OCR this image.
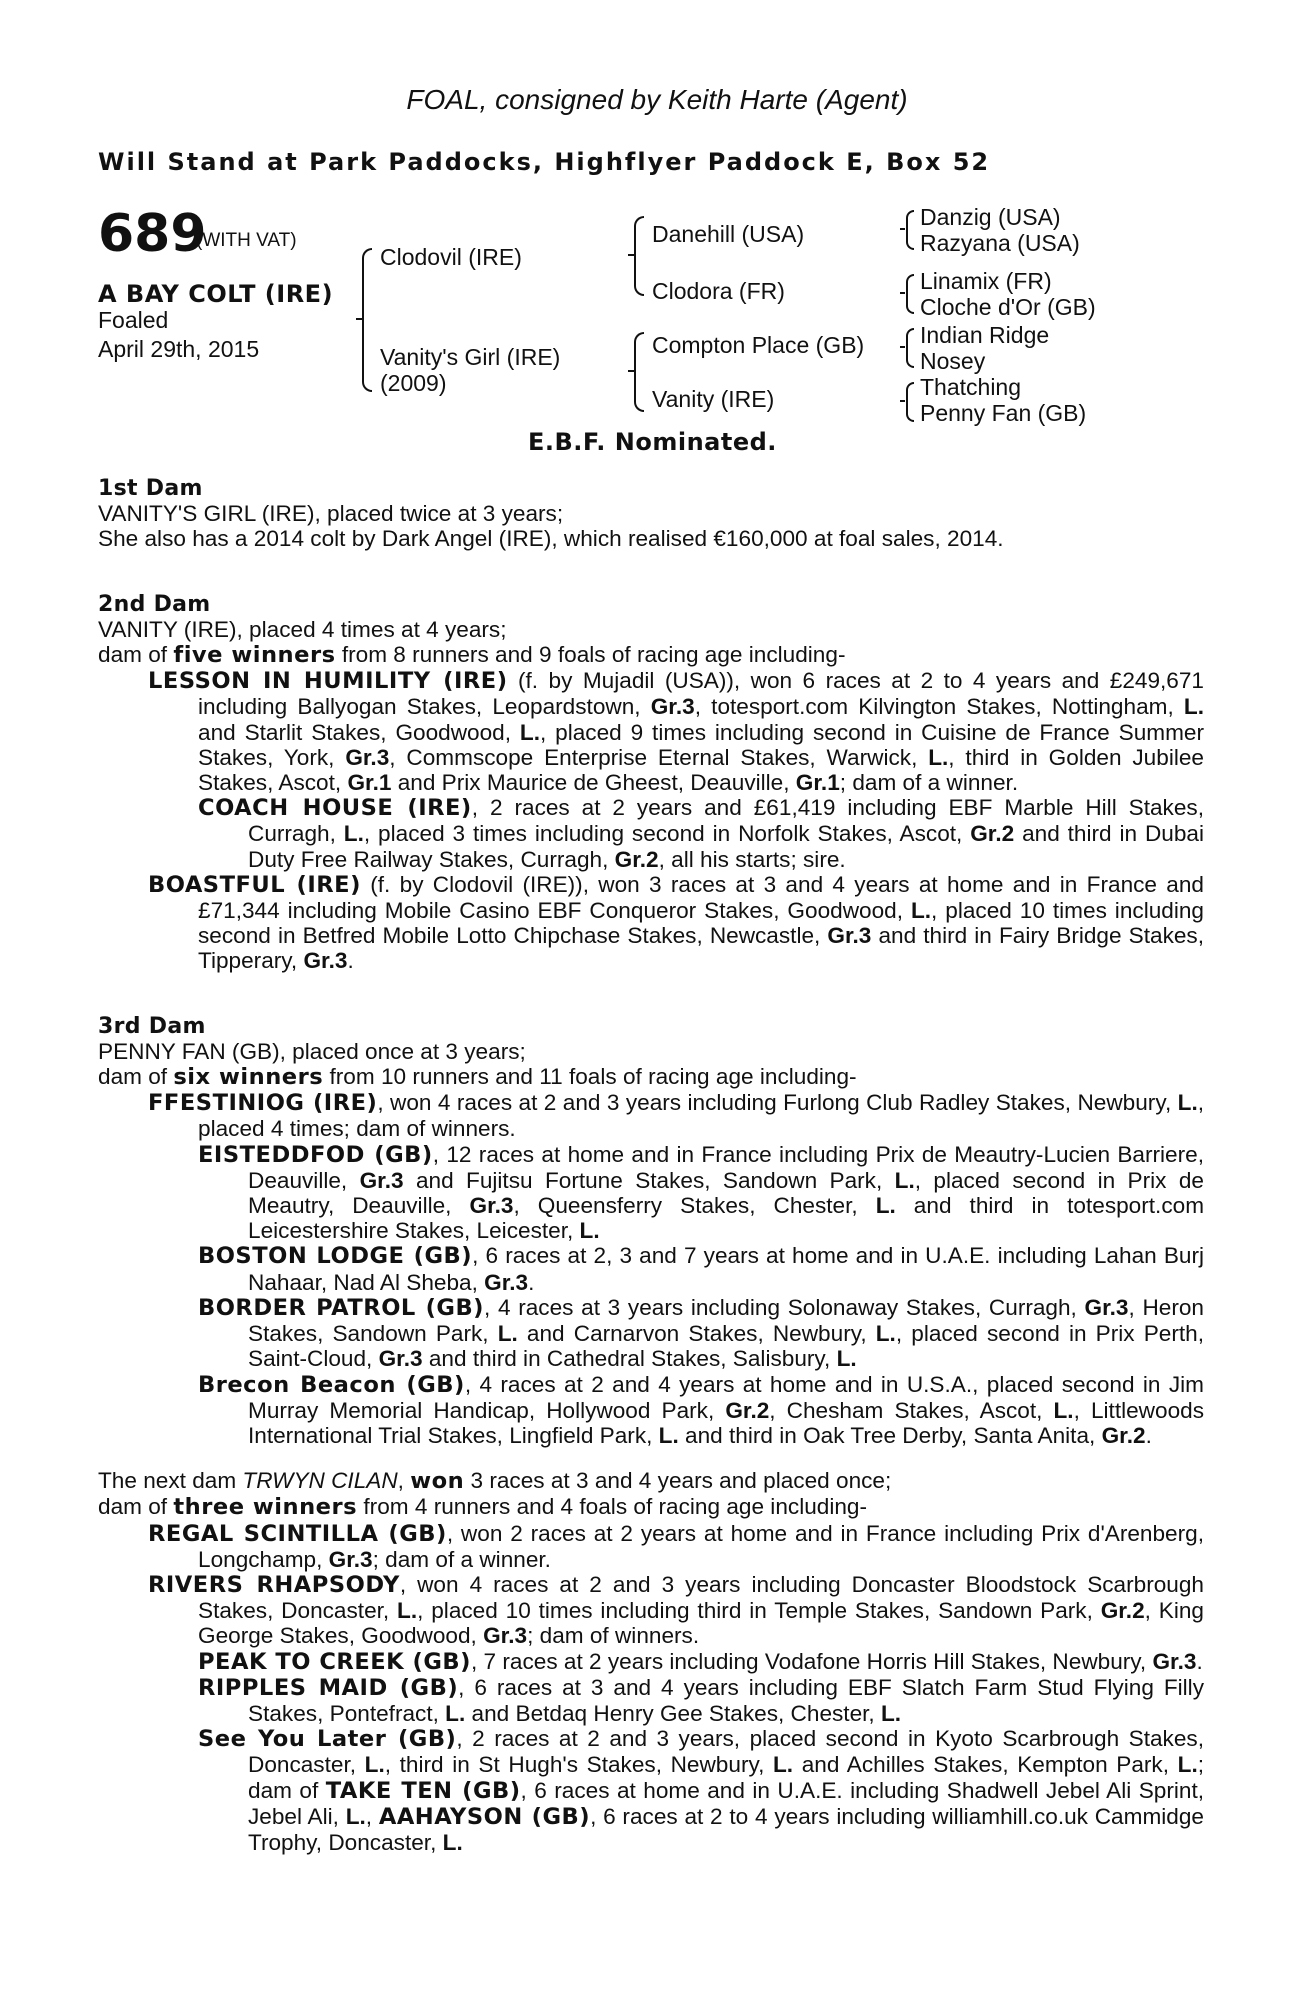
FOAL, consigned by Keith Harte (Agent)
Will Stand at Park Paddocks, Highflyer Paddock E, Box 52
689
(WITH VAT)
A BAY COLT (IRE)
Foaled
April 29th, 2015
Clodovil (IRE)
Vanity's Girl (IRE)
(2009)
Danehill (USA)
Clodora (FR)
Compton Place (GB)
Vanity (IRE)
Danzig (USA)
Razyana (USA)
Linamix (FR)
Cloche d'Or (GB)
Indian Ridge
Nosey
Thatching
Penny Fan (GB)
E.B.F. Nominated.
1st Dam
VANITY'S GIRL (IRE), placed twice at 3 years;
She also has a 2014 colt by Dark Angel (IRE), which realised €160,000 at foal sales, 2014.
2nd Dam
VANITY (IRE), placed 4 times at 4 years;
dam of five winners from 8 runners and 9 foals of racing age including-
LESSON IN HUMILITY (IRE) (f. by Mujadil (USA)), won 6 races at 2 to 4 years and £249,671 including Ballyogan Stakes, Leopardstown, Gr.3, totesport.com Kilvington Stakes, Nottingham, L. and Starlit Stakes, Goodwood, L., placed 9 times including second in Cuisine de France Summer Stakes, York, Gr.3, Commscope Enterprise Eternal Stakes, Warwick, L., third in Golden Jubilee Stakes, Ascot, Gr.1 and Prix Maurice de Gheest, Deauville, Gr.1; dam of a winner.
COACH HOUSE (IRE), 2 races at 2 years and £61,419 including EBF Marble Hill Stakes, Curragh, L., placed 3 times including second in Norfolk Stakes, Ascot, Gr.2 and third in Dubai Duty Free Railway Stakes, Curragh, Gr.2, all his starts; sire.
BOASTFUL (IRE) (f. by Clodovil (IRE)), won 3 races at 3 and 4 years at home and in France and £71,344 including Mobile Casino EBF Conqueror Stakes, Goodwood, L., placed 10 times including second in Betfred Mobile Lotto Chipchase Stakes, Newcastle, Gr.3 and third in Fairy Bridge Stakes, Tipperary, Gr.3.
3rd Dam
PENNY FAN (GB), placed once at 3 years;
dam of six winners from 10 runners and 11 foals of racing age including-
FFESTINIOG (IRE), won 4 races at 2 and 3 years including Furlong Club Radley Stakes, Newbury, L., placed 4 times; dam of winners.
EISTEDDFOD (GB), 12 races at home and in France including Prix de Meautry-Lucien Barriere, Deauville, Gr.3 and Fujitsu Fortune Stakes, Sandown Park, L., placed second in Prix de Meautry, Deauville, Gr.3, Queensferry Stakes, Chester, L. and third in totesport.com Leicestershire Stakes, Leicester, L.
BOSTON LODGE (GB), 6 races at 2, 3 and 7 years at home and in U.A.E. including Lahan Burj Nahaar, Nad Al Sheba, Gr.3.
BORDER PATROL (GB), 4 races at 3 years including Solonaway Stakes, Curragh, Gr.3, Heron Stakes, Sandown Park, L. and Carnarvon Stakes, Newbury, L., placed second in Prix Perth, Saint-Cloud, Gr.3 and third in Cathedral Stakes, Salisbury, L.
Brecon Beacon (GB), 4 races at 2 and 4 years at home and in U.S.A., placed second in Jim Murray Memorial Handicap, Hollywood Park, Gr.2, Chesham Stakes, Ascot, L., Littlewoods International Trial Stakes, Lingfield Park, L. and third in Oak Tree Derby, Santa Anita, Gr.2.
The next dam TRWYN CILAN, won 3 races at 3 and 4 years and placed once;
dam of three winners from 4 runners and 4 foals of racing age including-
REGAL SCINTILLA (GB), won 2 races at 2 years at home and in France including Prix d'Arenberg, Longchamp, Gr.3; dam of a winner.
RIVERS RHAPSODY, won 4 races at 2 and 3 years including Doncaster Bloodstock Scarbrough Stakes, Doncaster, L., placed 10 times including third in Temple Stakes, Sandown Park, Gr.2, King George Stakes, Goodwood, Gr.3; dam of winners.
PEAK TO CREEK (GB), 7 races at 2 years including Vodafone Horris Hill Stakes, Newbury, Gr.3.
RIPPLES MAID (GB), 6 races at 3 and 4 years including EBF Slatch Farm Stud Flying Filly Stakes, Pontefract, L. and Betdaq Henry Gee Stakes, Chester, L.
See You Later (GB), 2 races at 2 and 3 years, placed second in Kyoto Scarbrough Stakes, Doncaster, L., third in St Hugh's Stakes, Newbury, L. and Achilles Stakes, Kempton Park, L.; dam of TAKE TEN (GB), 6 races at home and in U.A.E. including Shadwell Jebel Ali Sprint, Jebel Ali, L., AAHAYSON (GB), 6 races at 2 to 4 years including williamhill.co.uk Cammidge Trophy, Doncaster, L.
